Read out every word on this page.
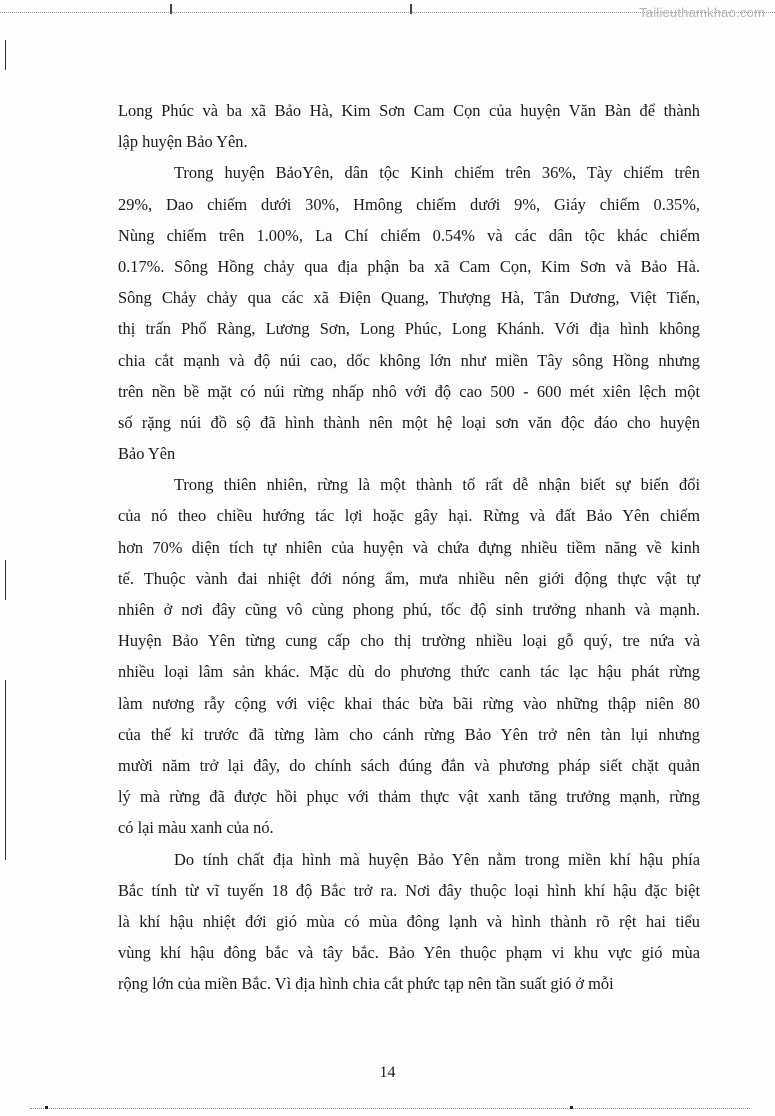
Tailieuthamkhao.com
Long Phúc và ba xã Bảo Hà, Kim Sơn Cam Cọn của huyện Văn Bàn để thành
lập huyện Bảo Yên.
Trong huyện BảoYên, dân tộc Kinh chiếm trên 36%, Tày chiếm trên
29%, Dao chiếm dưới 30%, Hmông chiếm dưới 9%, Giáy chiếm 0.35%,
Nùng chiếm trên 1.00%, La Chí chiếm 0.54% và các dân tộc khác chiếm
0.17%. Sông Hồng chảy qua địa phận ba xã Cam Cọn, Kim Sơn và Bảo Hà.
Sông Chảy chảy qua các xã Điện Quang, Thượng Hà, Tân Dương, Việt Tiến,
thị trấn Phố Ràng, Lương Sơn, Long Phúc, Long Khánh. Với địa hình không
chia cắt mạnh và độ núi cao, dốc không lớn như miền Tây sông Hồng nhưng
trên nền bề mặt có núi rừng nhấp nhô với độ cao 500 - 600 mét xiên lệch một
số rặng núi đồ sộ đã hình thành nên một hệ loại sơn văn độc đáo cho huyện
Bảo Yên
Trong thiên nhiên, rừng là một thành tố rất dễ nhận biết sự biến đổi
của nó theo chiều hướng tác lợi hoặc gây hại. Rừng và đất Bảo Yên chiếm
hơn 70% diện tích tự nhiên của huyện và chứa đựng nhiều tiềm năng về kinh
tế. Thuộc vành đai nhiệt đới nóng ẩm, mưa nhiều nên giới động thực vật tự
nhiên ở nơi đây cũng vô cùng phong phú, tốc độ sinh trưởng nhanh và mạnh.
Huyện Bảo Yên từng cung cấp cho thị trường nhiều loại gỗ quý, tre nứa và
nhiều loại lâm sản khác. Mặc dù do phương thức canh tác lạc hậu phát rừng
làm nương rẫy cộng với việc khai thác bừa bãi rừng vào những thập niên 80
của thế kỉ trước đã từng làm cho cánh rừng Bảo Yên trở nên tàn lụi nhưng
mười năm trở lại đây, do chính sách đúng đắn và phương pháp siết chặt quản
lý mà rừng đã được hồi phục với thảm thực vật xanh tăng trưởng mạnh, rừng
có lại màu xanh của nó.
Do tính chất địa hình mà huyện Bảo Yên nằm trong miền khí hậu phía
Bắc tính từ vĩ tuyến 18 độ Bắc trở ra. Nơi đây thuộc loại hình khí hậu đặc biệt
là khí hậu nhiệt đới gió mùa có mùa đông lạnh và hình thành rõ rệt hai tiểu
vùng khí hậu đông bắc và tây bắc. Bảo Yên thuộc phạm vi khu vực gió mùa
rộng lớn của miền Bắc. Vì địa hình chia cắt phức tạp nên tần suất gió ở mỗi
14
